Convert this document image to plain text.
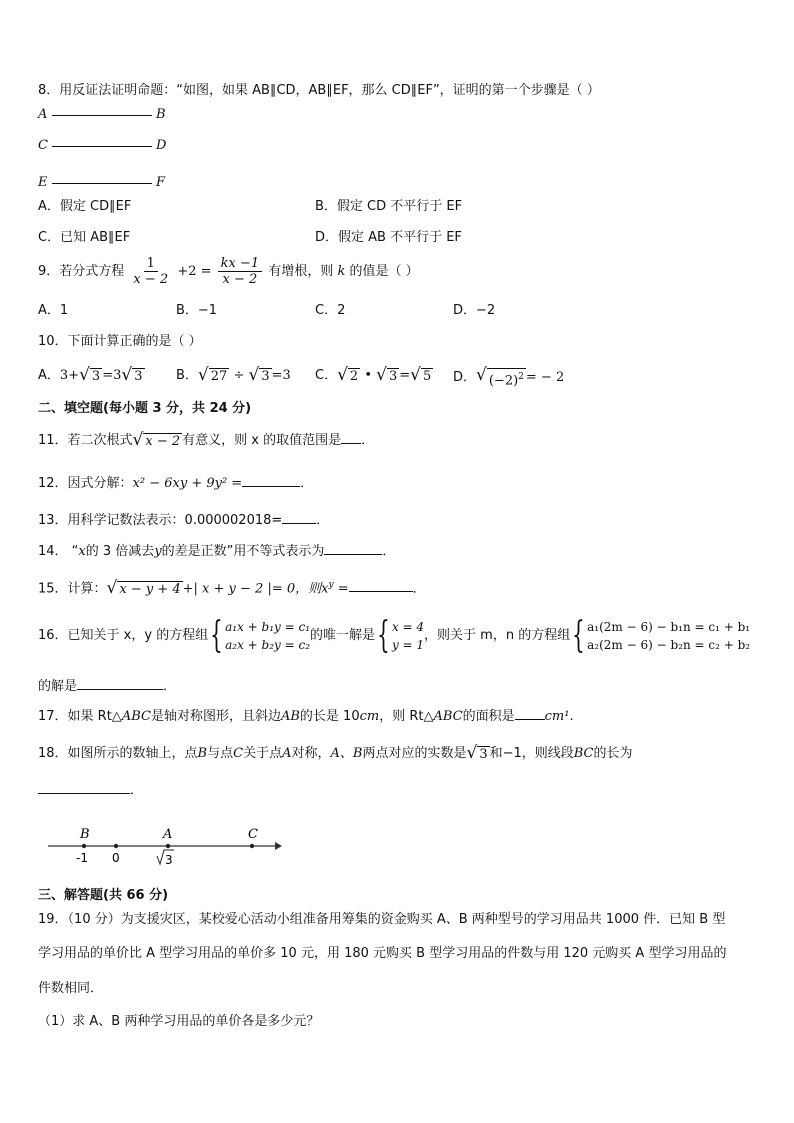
8．用反证法证明命题：“如图，如果 AB∥CD，AB∥EF，那么 CD∥EF”，证明的第一个步骤是（ ）
A	B
C	D
E	F
A．假定 CD∥EF	B．假定 CD 不平行于 EF
C．已知 AB∥EF	D．假定 AB 不平行于 EF
9．若分式方程 $\frac{1}{x - 2} +2 = \frac{kx -1}{x - 2}$ 有增根，则 k 的值是（ ）
A．1	B．−1	C．2	D．−2
10．下面计算正确的是（ ）
A．3+ √ 3 =3 √ 3	B． √ 27 ÷ √ 3 =3 C． √ 2 • √ 3 = √ 5 D． √ $(-2)^2$ = − 2
二、填空题(每小题 3 分，共 24 分)
11．若二次根式 √ x − 2 有意义，则 x 的取值范围是 ．
12．因式分解：x² − 6xy + 9y² =	．
13．用科学记数法表示：0.000002018=	．
14． “x的 3 倍减去y的差是正数”用不等式表示为	．
15．计算： √ x − y + 4 +| x + y − 2 |= 0，则$x^y$ =	．
16．已知关于 x，y 的方程组{ a₁x + b₁y = c₁
a₂x + b₂y = c₂
的唯一解是{ x = 4
y = 1
，则关于 m，n 的方程组{ a₁(2m − 6) − b₁n = c₁ + b₁
a₂(2m − 6) − b₂n = c₂ + b₂
的解是	．
17．如果 Rt△ABC是轴对称图形，且斜边AB的长是 10cm，则 Rt△ABC的面积是 cm¹.
18．如图所示的数轴上，点B与点C关于点A对称，A、B两点对应的实数是 √ 3 和−1，则线段BC的长为
．
B	A	C
-1 0	3
三、解答题(共 66 分)
19．（10 分）为支援灾区，某校爱心活动小组准备用筹集的资金购买 A、B 两种型号的学习用品共 1000 件．已知 B 型
学习用品的单价比 A 型学习用品的单价多 10 元，用 180 元购买 B 型学习用品的件数与用 120 元购买 A 型学习用品的
件数相同．
（1）求 A、B 两种学习用品的单价各是多少元？
